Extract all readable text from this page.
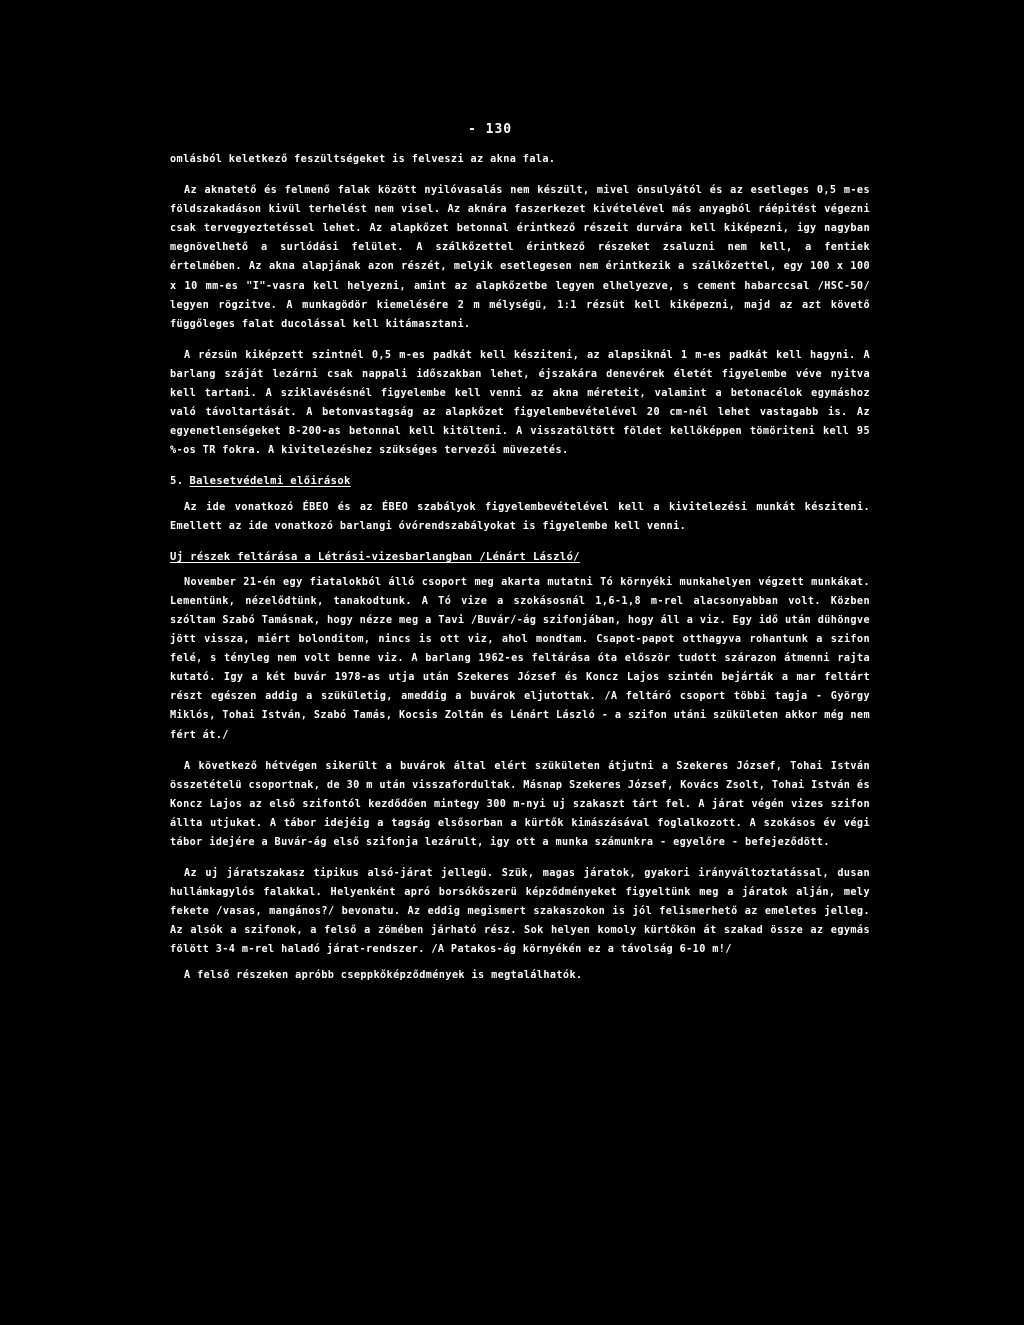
- 130

omlásból keletkező feszültségeket is felveszi az akna fala.

Az aknatető és felmenő falak között nyilóvasalás nem készült, mivel önsulyától és az esetleges 0,5 m-es földszakadáson kivül terhelést nem visel. Az aknára faszerkezet kivételével más anyagból ráépitést végezni csak tervegyeztetéssel lehet. Az alapkőzet betonnal érintkező részeit durvára kell kiképezni, igy nagyban megnövelhető a surlódási felület. A szálkőzettel érintkező részeket zsaluzni nem kell, a fentiek értelmében. Az akna alapjának azon részét, melyik esetlegesen nem érintkezik a szálkőzettel, egy 100 x 100 x 10 mm-es "I"-vasra kell helyezni, amint az alapkőzetbe legyen elhelyezve, s cement habarccsal /HSC-50/ legyen rögzitve. A munkagödör kiemelésére 2 m mélységü, 1:1 rézsüt kell kiképezni, majd az azt követő függőleges falat ducolással kell kitámasztani.

A rézsün kiképzett szintnél 0,5 m-es padkát kell késziteni, az alapsiknál 1 m-es padkát kell hagyni. A barlang száját lezárni csak nappali időszakban lehet, éjszakára denevérek életét figyelembe véve nyitva kell tartani. A sziklavésésnél figyelembe kell venni az akna méreteit, valamint a betonacélok egymáshoz való távoltartását. A betonvastagság az alapkőzet figyelembevételével 20 cm-nél lehet vastagabb is. Az egyenetlenségeket B-200-as betonnal kell kitölteni. A visszatöltött földet kellőképpen tömöriteni kell 95 %-os TR fokra. A kivitelezéshez szükséges tervezői müvezetés.

5. Balesetvédelmi előirások

Az ide vonatkozó ÉBEO és az ÉBEO szabályok figyelembevételével kell a kivitelezési munkát késziteni. Emellett az ide vonatkozó barlangi óvórendszabályokat is figyelembe kell venni.

Uj részek feltárása a Létrási-vizesbarlangban /Lénárt László/

November 21-én egy fiatalokból álló csoport meg akarta mutatni Tó környéki munkahelyen végzett munkákat. Lementünk, nézelődtünk, tanakodtunk. A Tó vize a szokásosnál 1,6-1,8 m-rel alacsonyabban volt. Közben szóltam Szabó Tamásnak, hogy nézze meg a Tavi /Buvár/-ág szifonjában, hogy áll a viz. Egy idő után dühöngve jött vissza, miért bolonditom, nincs is ott viz, ahol mondtam. Csapot-papot otthagyva rohantunk a szifon felé, s tényleg nem volt benne viz. A barlang 1962-es feltárása óta először tudott szárazon átmenni rajta kutató. Igy a két buvár 1978-as utja után Szekeres József és Koncz Lajos szintén bejárták a mar feltárt részt egészen addig a szükületig, ameddig a buvárok eljutottak. /A feltáró csoport többi tagja - György Miklós, Tohai István, Szabó Tamás, Kocsis Zoltán és Lénárt László - a szifon utáni szükületen akkor még nem fért át./

A következő hétvégen sikerült a buvárok által elért szükületen átjutni a Szekeres József, Tohai István összetételü csoportnak, de 30 m után visszafordultak. Másnap Szekeres József, Kovács Zsolt, Tohai István és Koncz Lajos az első szifontól kezdődően mintegy 300 m-nyi uj szakaszt tárt fel. A járat végén vizes szifon állta utjukat. A tábor idejéig a tagság elsősorban a kürtők kimászásával foglalkozott. A szokásos év végi tábor idejére a Buvár-ág első szifonja lezárult, igy ott a munka számunkra - egyelőre - befejeződött.

Az uj járatszakasz tipikus alsó-járat jellegü. Szük, magas járatok, gyakori irányváltoztatással, dusan hullámkagylós falakkal. Helyenként apró borsókőszerü képződményeket figyeltünk meg a járatok alján, mely fekete /vasas, mangános?/ bevonatu. Az eddig megismert szakaszokon is jól felismerhető az emeletes jelleg. Az alsók a szifonok, a felső a zömében járható rész. Sok helyen komoly kürtőkön át szakad össze az egymás fölött 3-4 m-rel haladó járat-rendszer. /A Patakos-ág környékén ez a távolság 6-10 m!/

A felső részeken apróbb cseppkőképződmények is megtalálhatók.
